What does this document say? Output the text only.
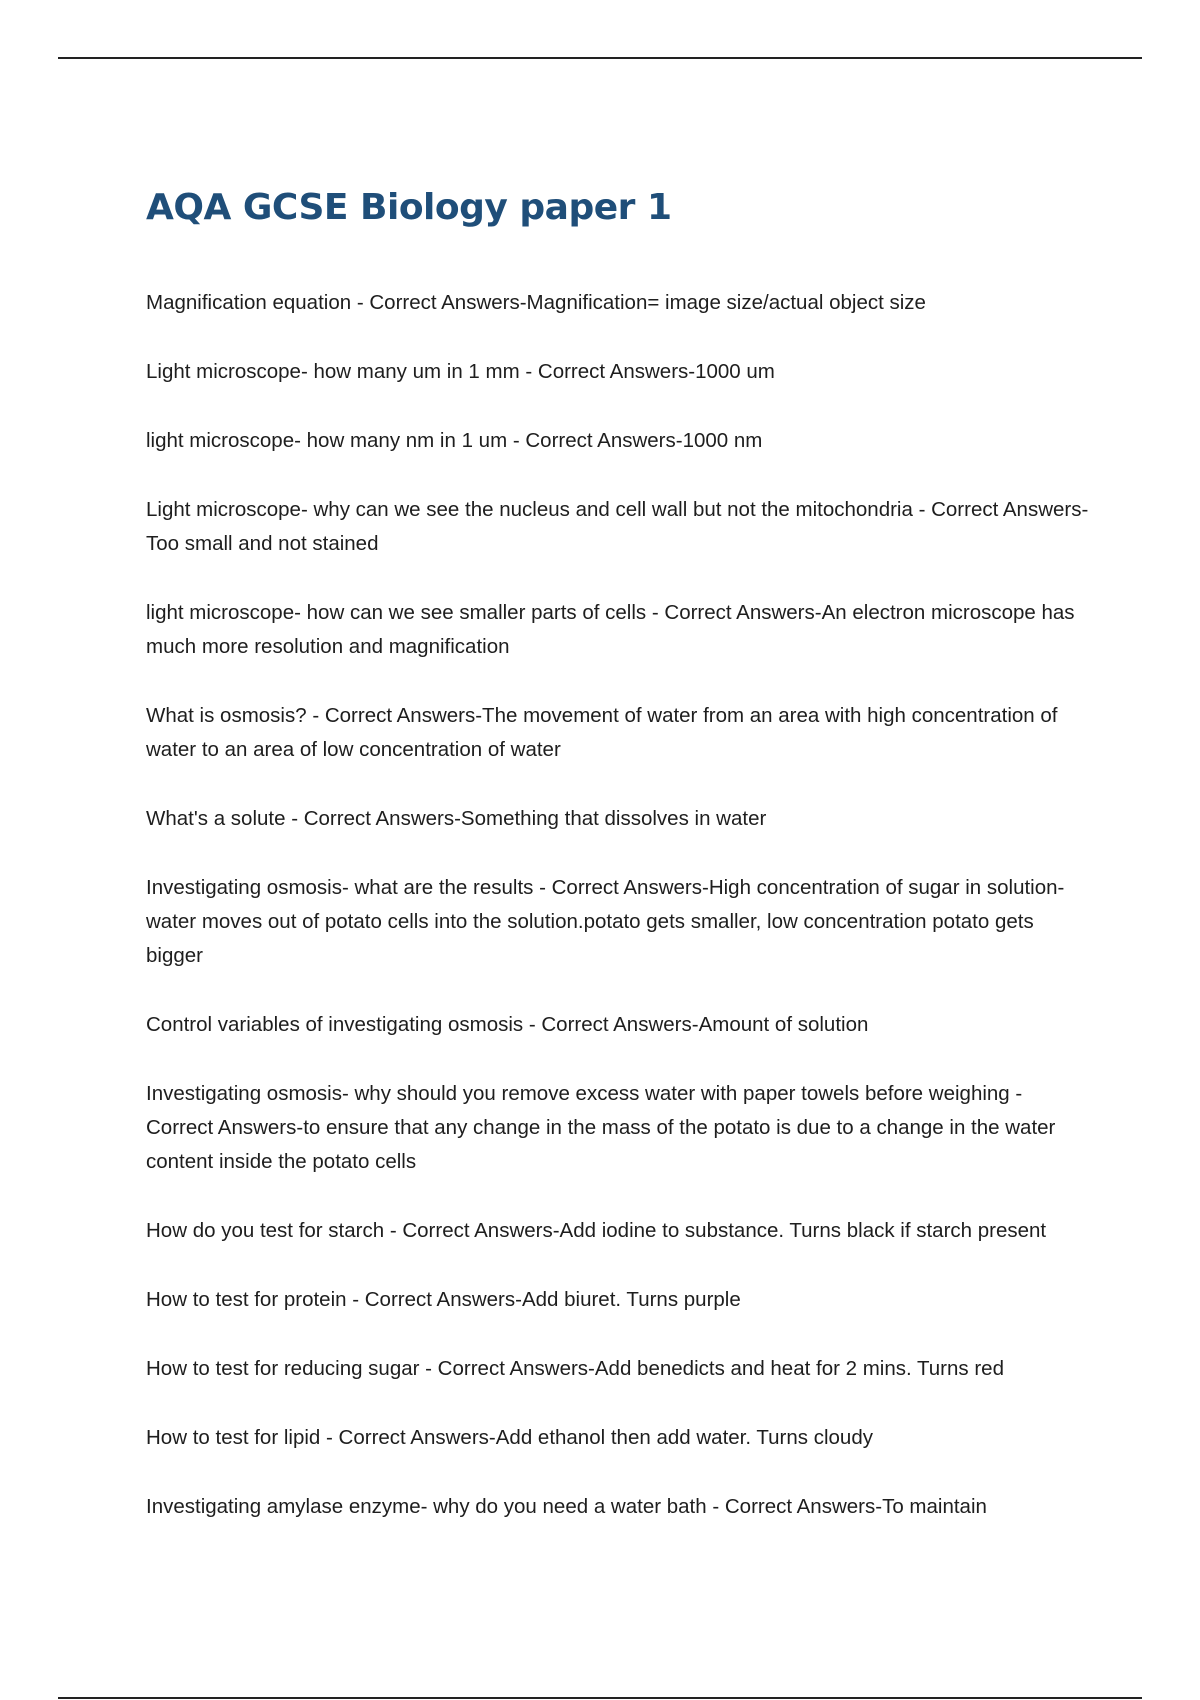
AQA GCSE Biology paper 1
Magnification equation - Correct Answers-Magnification= image size/actual object size
Light microscope- how many um in 1 mm - Correct Answers-1000 um
light microscope- how many nm in 1 um - Correct Answers-1000 nm
Light microscope- why can we see the nucleus and cell wall but not the mitochondria - Correct Answers-Too small and not stained
light microscope- how can we see smaller parts of cells - Correct Answers-An electron microscope has much more resolution and magnification
What is osmosis? - Correct Answers-The movement of water from an area with high concentration of water to an area of low concentration of water
What's a solute - Correct Answers-Something that dissolves in water
Investigating osmosis- what are the results - Correct Answers-High concentration of sugar in solution- water moves out of potato cells into the solution.potato gets smaller, low concentration potato gets bigger
Control variables of investigating osmosis - Correct Answers-Amount of solution
Investigating osmosis- why should you remove excess water with paper towels before weighing - Correct Answers-to ensure that any change in the mass of the potato is due to a change in the water content inside the potato cells
How do you test for starch - Correct Answers-Add iodine to substance. Turns black if starch present
How to test for protein - Correct Answers-Add biuret. Turns purple
How to test for reducing sugar - Correct Answers-Add benedicts and heat for 2 mins. Turns red
How to test for lipid - Correct Answers-Add ethanol then add water. Turns cloudy
Investigating amylase enzyme- why do you need a water bath - Correct Answers-To maintain
